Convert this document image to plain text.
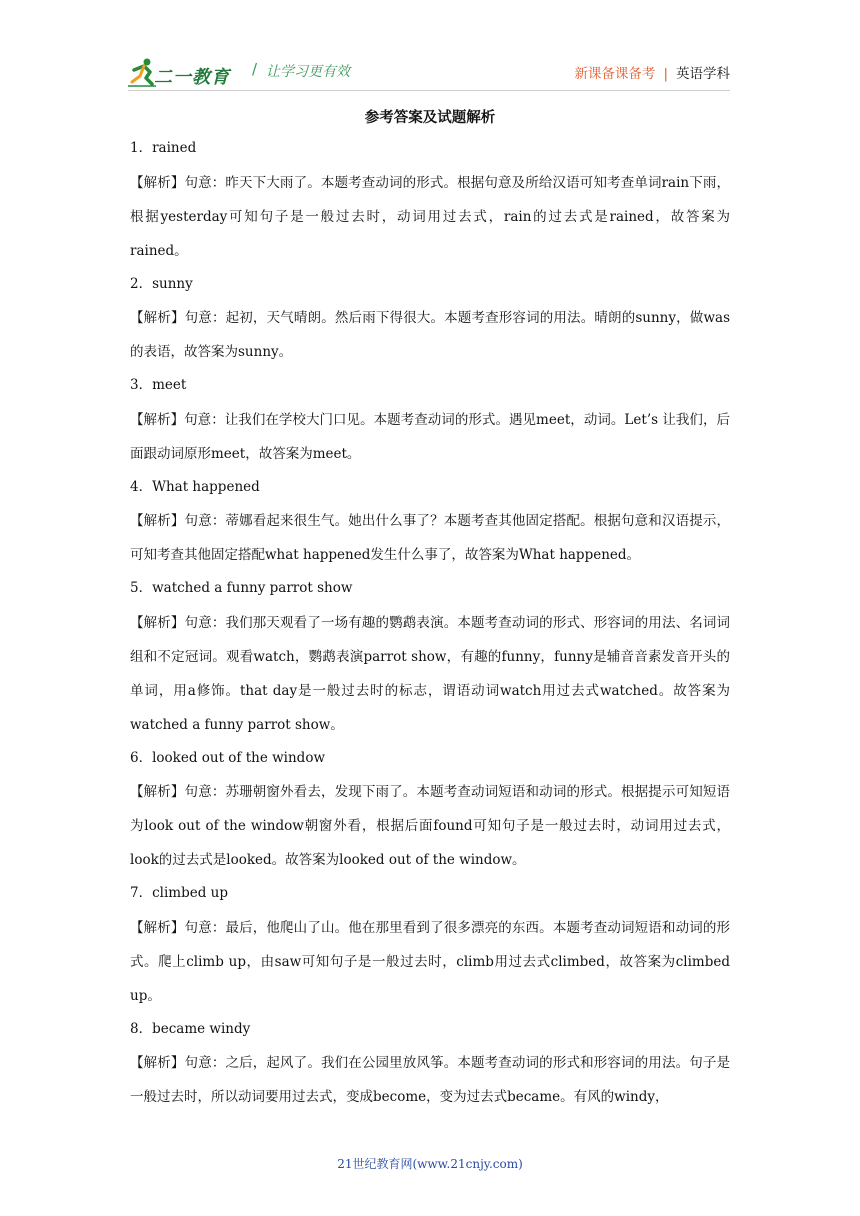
二一教育 / 让学习更有效	新课备课备考 | 英语学科
参考答案及试题解析
1．rained
【解析】句意：昨天下大雨了。本题考查动词的形式。根据句意及所给汉语可知考查单词rain下雨，根据yesterday可知句子是一般过去时，动词用过去式，rain的过去式是rained，故答案为rained。
2．sunny
【解析】句意：起初，天气晴朗。然后雨下得很大。本题考查形容词的用法。晴朗的sunny，做was的表语，故答案为sunny。
3．meet
【解析】句意：让我们在学校大门口见。本题考查动词的形式。遇见meet，动词。Let’s 让我们，后面跟动词原形meet，故答案为meet。
4．What happened
【解析】句意：蒂娜看起来很生气。她出什么事了？本题考查其他固定搭配。根据句意和汉语提示，可知考查其他固定搭配what happened发生什么事了，故答案为What happened。
5．watched a funny parrot show
【解析】句意：我们那天观看了一场有趣的鹦鹉表演。本题考查动词的形式、形容词的用法、名词词组和不定冠词。观看watch，鹦鹉表演parrot show，有趣的funny，funny是辅音音素发音开头的单词，用a修饰。that day是一般过去时的标志，谓语动词watch用过去式watched。故答案为watched a funny parrot show。
6．looked out of the window
【解析】句意：苏珊朝窗外看去，发现下雨了。本题考查动词短语和动词的形式。根据提示可知短语为look out of the window朝窗外看，根据后面found可知句子是一般过去时，动词用过去式，look的过去式是looked。故答案为looked out of the window。
7．climbed up
【解析】句意：最后，他爬山了山。他在那里看到了很多漂亮的东西。本题考查动词短语和动词的形式。爬上climb up，由saw可知句子是一般过去时，climb用过去式climbed，故答案为climbed up。
8．became windy
【解析】句意：之后，起风了。我们在公园里放风筝。本题考查动词的形式和形容词的用法。句子是一般过去时，所以动词要用过去式，变成become，变为过去式became。有风的windy，
21世纪教育网(www.21cnjy.com)
